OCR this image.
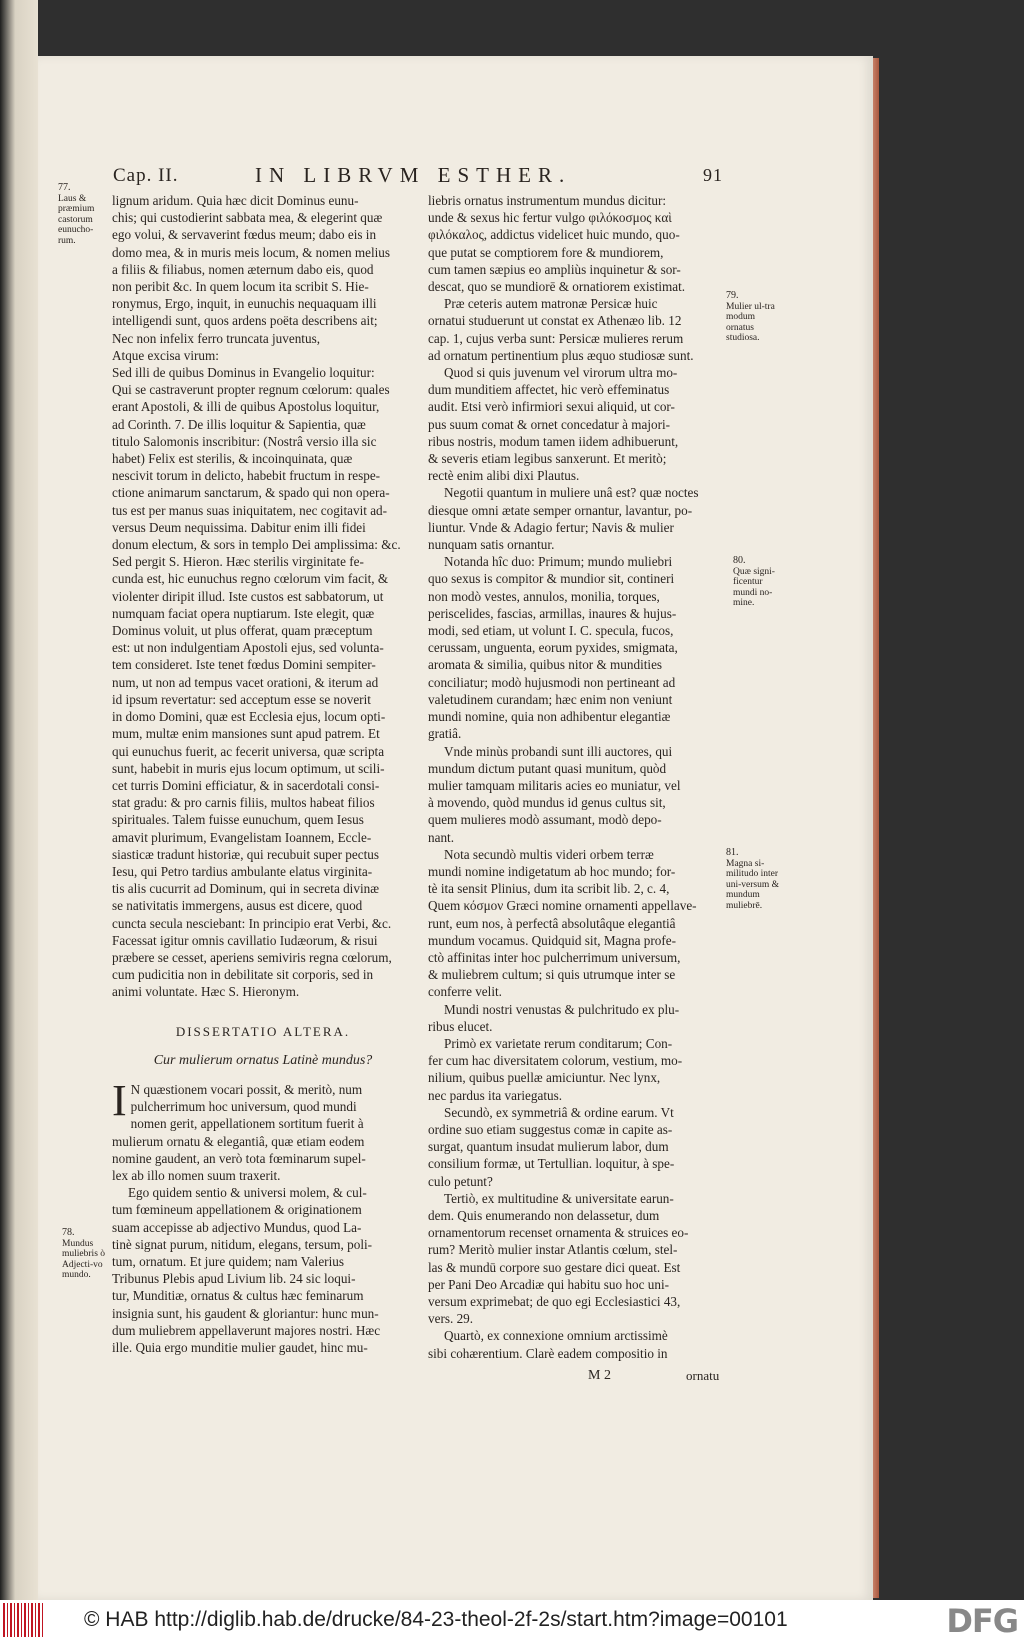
Cap. II.	IN LIBRVM ESTHER.	91

lignum aridum. Quia hæc dicit Dominus eunu-

chis; qui custodierint sabbata mea, & elegerint quæ

ego volui, & servaverint fœdus meum; dabo eis in

domo mea, & in muris meis locum, & nomen melius

a filiis & filiabus, nomen æternum dabo eis, quod

non peribit &c. In quem locum ita scribit S. Hie-

ronymus, Ergo, inquit, in eunuchis nequaquam illi

intelligendi sunt, quos ardens poëta describens ait;

Nec non infelix ferro truncata juventus,

Atque excisa virum:

Sed illi de quibus Dominus in Evangelio loquitur:

Qui se castraverunt propter regnum cœlorum: quales

erant Apostoli, & illi de quibus Apostolus loquitur,

ad Corinth. 7. De illis loquitur & Sapientia, quæ

titulo Salomonis inscribitur: (Nostrâ versio illa sic

habet) Felix est sterilis, & incoinquinata, quæ

nescivit torum in delicto, habebit fructum in respe-

ctione animarum sanctarum, & spado qui non opera-

tus est per manus suas iniquitatem, nec cogitavit ad-

versus Deum nequissima. Dabitur enim illi fidei

donum electum, & sors in templo Dei amplissima: &c.

Sed pergit S. Hieron. Hæc sterilis virginitate fe-

cunda est, hic eunuchus regno cœlorum vim facit, &

violenter diripit illud. Iste custos est sabbatorum, ut

numquam faciat opera nuptiarum. Iste elegit, quæ

Dominus voluit, ut plus offerat, quam præceptum

est: ut non indulgentiam Apostoli ejus, sed volunta-

tem consideret. Iste tenet fœdus Domini sempiter-

num, ut non ad tempus vacet orationi, & iterum ad

id ipsum revertatur: sed acceptum esse se noverit

in domo Domini, quæ est Ecclesia ejus, locum opti-

mum, multæ enim mansiones sunt apud patrem. Et

qui eunuchus fuerit, ac fecerit universa, quæ scripta

sunt, habebit in muris ejus locum optimum, ut scili-

cet turris Domini efficiatur, & in sacerdotali consi-

stat gradu: & pro carnis filiis, multos habeat filios

spirituales. Talem fuisse eunuchum, quem Iesus

amavit plurimum, Evangelistam Ioannem, Eccle-

siasticæ tradunt historiæ, qui recubuit super pectus

Iesu, qui Petro tardius ambulante elatus virginita-

tis alis cucurrit ad Dominum, qui in secreta divinæ

se nativitatis immergens, ausus est dicere, quod

cuncta secula nesciebant: In principio erat Verbi, &c.

Facessat igitur omnis cavillatio Iudæorum, & risui

præbere se cesset, aperiens semiviris regna cœlorum,

cum pudicitia non in debilitate sit corporis, sed in

animi voluntate. Hæc S. Hieronym.

DISSERTATIO ALTERA.
Cur mulierum ornatus Latinè mundus?
I N quæstionem vocari possit, & meritò, num

pulcherrimum hoc universum, quod mundi

nomen gerit, appellationem sortitum fuerit à

mulierum ornatu & elegantiâ, quæ etiam eodem

nomine gaudent, an verò tota fœminarum supel-

lex ab illo nomen suum traxerit.

Ego quidem sentio & universi molem, & cul-

tum fœmineum appellationem & originationem

suam accepisse ab adjectivo Mundus, quod La-

tinè signat purum, nitidum, elegans, tersum, poli-

tum, ornatum. Et jure quidem; nam Valerius

Tribunus Plebis apud Livium lib. 24 sic loqui-

tur, Munditiæ, ornatus & cultus hæc feminarum

insignia sunt, his gaudent & gloriantur: hunc mun-

dum muliebrem appellaverunt majores nostri. Hæc

ille. Quia ergo munditie mulier gaudet, hinc mu-

liebris ornatus instrumentum mundus dicitur:

unde & sexus hic fertur vulgo φιλόκοσμος καὶ

φιλόκαλος, addictus videlicet huic mundo, quo-

que putat se comptiorem fore & mundiorem,

cum tamen sæpius eo ampliùs inquinetur & sor-

descat, quo se mundiorē & ornatiorem existimat.

Præ ceteris autem matronæ Persicæ huic

ornatui studuerunt ut constat ex Athenæo lib. 12

cap. 1, cujus verba sunt: Persicæ mulieres rerum

ad ornatum pertinentium plus æquo studiosæ sunt.

Quod si quis juvenum vel virorum ultra mo-

dum munditiem affectet, hic verò effeminatus

audit. Etsi verò infirmiori sexui aliquid, ut cor-

pus suum comat & ornet concedatur à majori-

ribus nostris, modum tamen iidem adhibuerunt,

& severis etiam legibus sanxerunt. Et meritò;

rectè enim alibi dixi Plautus.

Negotii quantum in muliere unâ est? quæ noctes

diesque omni ætate semper ornantur, lavantur, po-

liuntur. Vnde & Adagio fertur; Navis & mulier

nunquam satis ornantur.

Notanda hîc duo: Primum; mundo muliebri

quo sexus is compitor & mundior sit, contineri

non modò vestes, annulos, monilia, torques,

periscelides, fascias, armillas, inaures & hujus-

modi, sed etiam, ut volunt I. C. specula, fucos,

cerussam, unguenta, eorum pyxides, smigmata,

aromata & similia, quibus nitor & mundities

conciliatur; modò hujusmodi non pertineant ad

valetudinem curandam; hæc enim non veniunt

mundi nomine, quia non adhibentur elegantiæ

gratiâ.

Vnde minùs probandi sunt illi auctores, qui

mundum dictum putant quasi munitum, quòd

mulier tamquam militaris acies eo muniatur, vel

à movendo, quòd mundus id genus cultus sit,

quem mulieres modò assumant, modò depo-

nant.

Nota secundò multis videri orbem terræ

mundi nomine indigetatum ab hoc mundo; for-

tè ita sensit Plinius, dum ita scribit lib. 2, c. 4,

Quem κόσμον Græci nomine ornamenti appellave-

runt, eum nos, à perfectâ absolutâque elegantiâ

mundum vocamus. Quidquid sit, Magna profe-

ctò affinitas inter hoc pulcherrimum universum,

& muliebrem cultum; si quis utrumque inter se

conferre velit.

Mundi nostri venustas & pulchritudo ex plu-

ribus elucet.

Primò ex varietate rerum conditarum; Con-

fer cum hac diversitatem colorum, vestium, mo-

nilium, quibus puellæ amiciuntur. Nec lynx,

nec pardus ita variegatus.

Secundò, ex symmetriâ & ordine earum. Vt

ordine suo etiam suggestus comæ in capite as-

surgat, quantum insudat mulierum labor, dum

consilium formæ, ut Tertullian. loquitur, à spe-

culo petunt?

Tertiò, ex multitudine & universitate earun-

dem. Quis enumerando non delassetur, dum

ornamentorum recenset ornamenta & struices eo-

rum? Meritò mulier instar Atlantis cœlum, stel-

las & mundū corpore suo gestare dici queat. Est

per Pani Deo Arcadiæ qui habitu suo hoc uni-

versum exprimebat; de quo egi Ecclesiastici 43,

vers. 29.

Quartò, ex connexione omnium arctissimè

sibi cohærentium. Clarè eadem compositio in

77.
Laus & præmium castorum eunucho-rum.
78.
Mundus muliebris ò Adjecti-vo mundo.
79.
Mulier ul-tra modum ornatus studiosa.
80.
Quæ signi-ficentur mundi no-mine.
81.
Magna si-militudo inter uni-versum & mundum muliebrē.
M 2	ornatu
© HAB http://diglib.hab.de/drucke/84-23-theol-2f-2s/start.htm?image=00101	DFG
